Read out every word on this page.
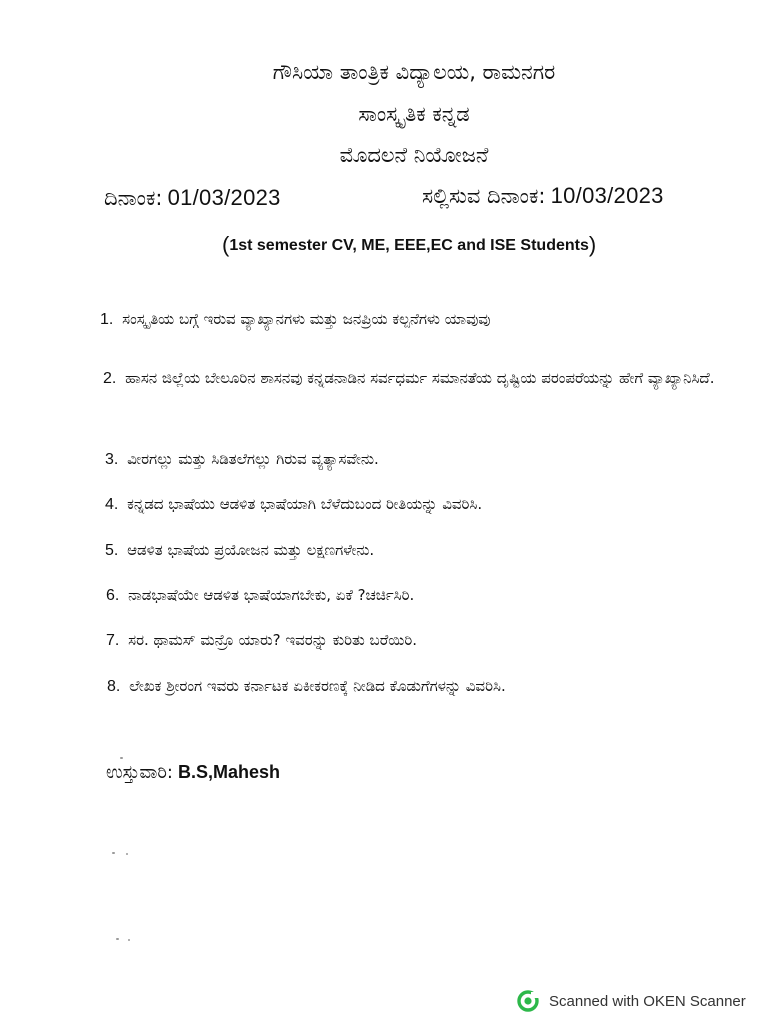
ಗೌಸಿಯಾ ತಾಂತ್ರಿಕ ವಿದ್ಯಾಲಯ, ರಾಮನಗರ
ಸಾಂಸ್ಕೃತಿಕ ಕನ್ನಡ
ಮೊದಲನೆ ನಿಯೋಜನೆ
ದಿನಾಂಕ: 01/03/2023	ಸಲ್ಲಿಸುವ ದಿನಾಂಕ: 10/03/2023
(1st semester CV, ME, EEE,EC and ISE Students)
1. ಸಂಸ್ಕೃತಿಯ ಬಗ್ಗೆ ಇರುವ ವ್ಯಾಖ್ಯಾನಗಳು ಮತ್ತು ಜನಪ್ರಿಯ ಕಲ್ಪನೆಗಳು ಯಾವುವು
2. ಹಾಸನ ಜಿಲ್ಲೆಯ ಬೇಲೂರಿನ ಶಾಸನವು ಕನ್ನಡನಾಡಿನ ಸರ್ವಧರ್ಮ ಸಮಾನತೆಯ ದೃಷ್ಟಿಯ ಪರಂಪರೆಯನ್ನು ಹೇಗೆ ವ್ಯಾಖ್ಯಾನಿಸಿದೆ.
3. ವೀರಗಲ್ಲು ಮತ್ತು ಸಿಡಿತಲೆಗಲ್ಲು ಗಿರುವ ವ್ಯತ್ಯಾಸವೇನು.
4. ಕನ್ನಡದ ಭಾಷೆಯು ಆಡಳಿತ ಭಾಷೆಯಾಗಿ ಬೆಳೆದುಬಂದ ರೀತಿಯನ್ನು ವಿವರಿಸಿ.
5. ಆಡಳಿತ ಭಾಷೆಯ ಪ್ರಯೋಜನ ಮತ್ತು ಲಕ್ಷಣಗಳೇನು.
6. ನಾಡಭಾಷೆಯೇ ಆಡಳಿತ ಭಾಷೆಯಾಗಬೇಕು, ಏಕೆ ?ಚರ್ಚಿಸಿರಿ.
7. ಸರ. ಥಾಮಸ್ ಮನ್ರೊ ಯಾರು? ಇವರನ್ನು ಕುರಿತು ಬರೆಯಿರಿ.
8. ಲೇಖಕ ಶ್ರೀರಂಗ ಇವರು ಕರ್ನಾಟಕ ಏಕೀಕರಣಕ್ಕೆ ನೀಡಿದ ಕೊಡುಗೆಗಳನ್ನು ವಿವರಿಸಿ.
ಉಸ್ತುವಾರಿ: B.S,Mahesh
Scanned with OKEN Scanner
